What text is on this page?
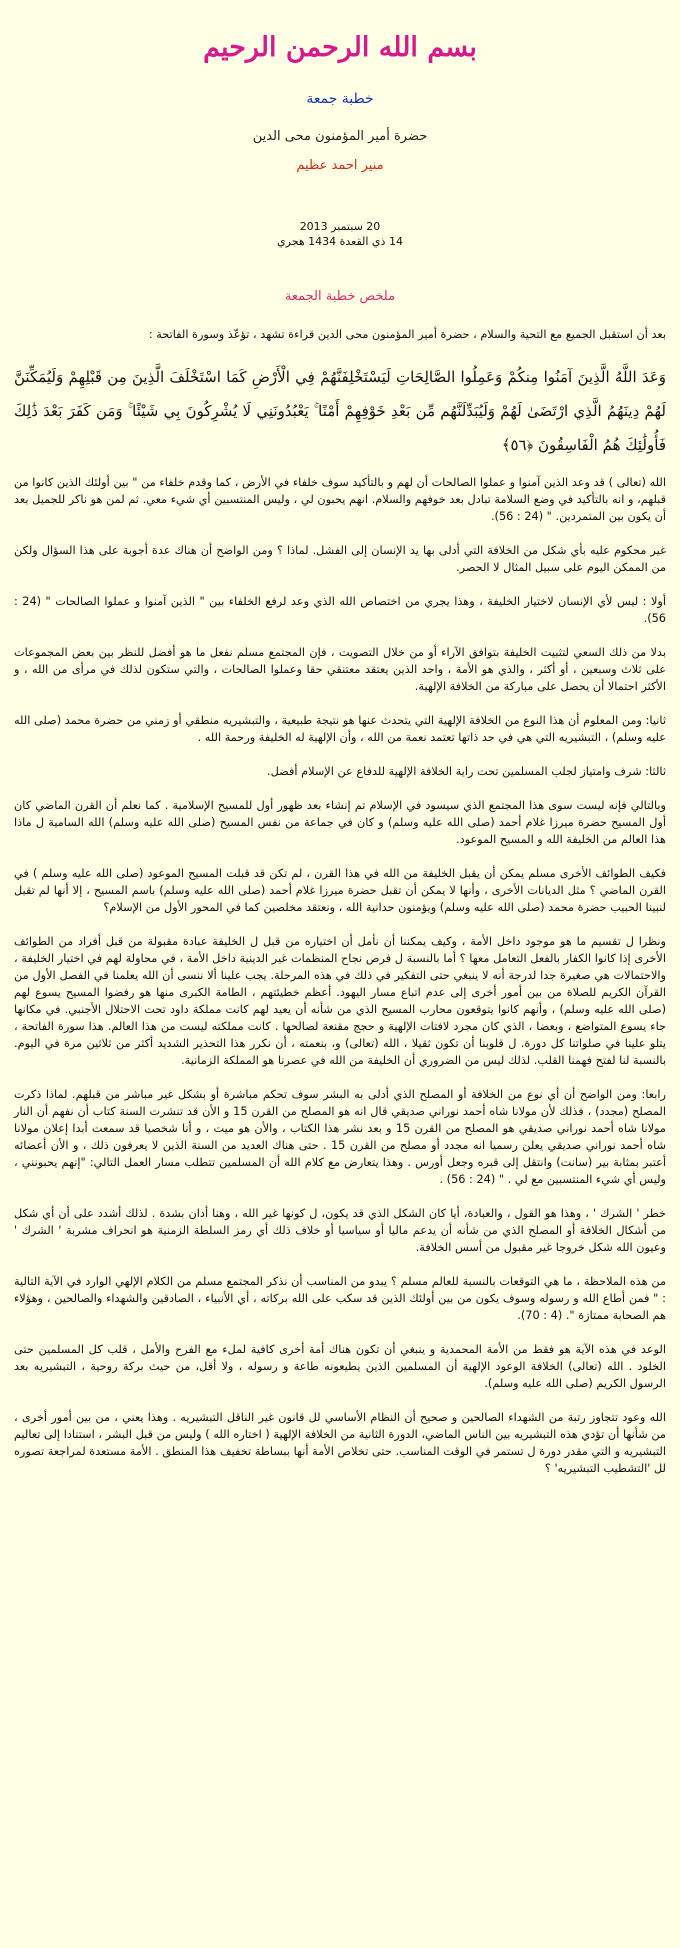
بسم الله الرحمن الرحيم
خطبة جمعة
حضرة أمير المؤمنون محى الدين
منير احمد عظيم
20 سبتمبر 2013
14 ذي القعدة 1434 هجري
ملخص خطبة الجمعة

بعد أن استقبل الجميع مع التحية والسلام ، حضرة أمير المؤمنون محى الدين قراءة تشهد ، تؤعّذ وسورة الفاتحة :

وَعَدَ اللَّهُ الَّذِينَ آمَنُوا مِنكُمْ وَعَمِلُوا الصَّالِحَاتِ لَيَسْتَخْلِفَنَّهُمْ فِي الْأَرْضِ كَمَا اسْتَخْلَفَ الَّذِينَ مِن قَبْلِهِمْ وَلَيُمَكِّنَنَّ لَهُمْ دِينَهُمُ الَّذِي ارْتَضَىٰ لَهُمْ وَلَيُبَدِّلَنَّهُم مِّن بَعْدِ خَوْفِهِمْ أَمْنًا ۚ يَعْبُدُونَنِي لَا يُشْرِكُونَ بِي شَيْئًا ۚ وَمَن كَفَرَ بَعْدَ ذَٰلِكَ فَأُولَٰئِكَ هُمُ الْفَاسِقُونَ ﴿٥٦﴾

الله (تعالى ) قد وعد الذين آمنوا و عملوا الصالحات أن لهم و بالتأكيد سوف خلفاء في الأرض ، كما وقدم خلفاء من " بين أولئك الذين كانوا من قبلهم، و انه بالتأكيد في وضع السلامة تبادل بعد خوفهم والسلام. انهم يحبون لي ، وليس المنتسبين أي شيء معي. ثم لمن هو ناكر للجميل بعد أن يكون بين المتمردين. " (24 : 56).

غير محكوم عليه بأي شكل من الخلافة التي أدلى بها يد الإنسان إلى الفشل. لماذا ؟ ومن الواضح أن هناك عدة أجوبة على هذا السؤال ولكن من الممكن اليوم على سبيل المثال لا الحصر.

أولا : ليس لأي الإنسان لاختيار الخليفة ، وهذا يجري من اختصاص الله الذي وعد لرفع الخلفاء بين " الذين آمنوا و عملوا الصالحات " (24 : 56).

بدلا من ذلك السعي لتثبيت الخليفة بتوافق الآراء أو من خلال التصويت ، فإن المجتمع مسلم نفعل ما هو أفضل للنظر بين بعض المجموعات على ثلاث وسبعين ، أو أكثر ، والذي هو الأمة ، واحد الذين يعتقد معتنقي حقا وعملوا الصالحات ، والتي ستكون لذلك في مرأى من الله ، و الأكثر احتمالا أن يحصل على مباركة من الخلافة الإلهية.

ثانيا: ومن المعلوم أن هذا النوع من الخلافة الإلهية التي يتحدث عنها هو نتيجة طبيعية ، والتبشيريه منطقي أو زمني من حضرة محمد (صلى الله عليه وسلم) ، التبشيريه التي هي في حد ذاتها تعتمد نعمة من الله ، وأن الإلهية له الخليفة ورحمة الله .

ثالثا: شرف وامتياز لجلب المسلمين تحت راية الخلافة الإلهية للدفاع عن الإسلام أفضل.

وبالتالي فإنه ليست سوى هذا المجتمع الذي سيسود في الإسلام تم إنشاء بعد ظهور أول للمسيح الإسلامية . كما نعلم أن القرن الماضي كان أول المسيح حضرة ميرزا غلام أحمد (صلى الله عليه وسلم) و كان في جماعة من نفس المسيح (صلى الله عليه وسلم) الله السامية ل ماذا هذا العالم من الخليفة الله و المسيح الموعود.

فكيف الطوائف الأخرى مسلم يمكن أن يقبل الخليفة من الله في هذا القرن ، لم تكن قد قبلت المسيح الموعود (صلى الله عليه وسلم ) في القرن الماضي ؟ مثل الديانات الأخرى ، وأنها لا يمكن أن تقبل حضرة ميرزا غلام أحمد (صلى الله عليه وسلم) باسم المسيح ، إلا أنها لم تقبل لنبينا الحبيب حضرة محمد (صلى الله عليه وسلم) ويؤمنون حدانية الله ، ونعتقد مخلصين كما في المحور الأول من الإسلام؟

ونظرا ل تقسيم ما هو موجود داخل الأمة ، وكيف يمكننا أن نأمل أن اختياره من قبل ل الخليفة عبادة مقبولة من قبل أفراد من الطوائف الأخرى إذا كانوا الكفار بالفعل التعامل معها ؟ أما بالنسبة ل فرص نجاح المنظمات غير الدينية داخل الأمة ، في محاولة لهم في اختيار الخليفة ، والاحتمالات هي صغيرة جدا لدرجة أنه لا ينبغي حتى التفكير في ذلك في هذه المرحلة. يجب علينا ألا ننسى أن الله يعلمنا في الفصل الأول من القرآن الكريم للصلاة من بين أمور أخرى إلى عدم اتباع مسار اليهود. أعظم خطيئتهم ، الطامة الكبرى منها هو رفضوا المسيح يسوع لهم (صلى الله عليه وسلم) ، وأنهم كانوا يتوقعون محارب المسيح الذي من شأنه أن يعيد لهم كانت مملكة داود تحت الاحتلال الأجنبي. في مكانها جاء يسوع المتواضع ، وبعضا ، الذي كان مجرد لافتات الإلهية و حجج مقنعة لصالحها . كانت مملكته ليست من هذا العالم. هذا سورة الفاتحة ، يتلو علينا في صلواتنا كل دورة. ل قلوبنا أن تكون ثقيلا ، الله (تعالى) و، بنعمته ، أن نكرر هذا التحذير الشديد أكثر من ثلاثين مرة في اليوم. بالنسبة لنا لفتح فهمنا القلب. لذلك ليس من الضروري أن الخليفة من الله في عصرنا هو المملكة الزمانية.

رابعا: ومن الواضح أن أي نوع من الخلافة أو المصلح الذي أدلى به البشر سوف تحكم مباشرة أو بشكل غير مباشر من قبلهم. لماذا ذكرت المصلح (مجدد) ، فذلك لأن مولانا شاه أحمد نوراني صديقي قال انه هو المصلح من القرن 15 و الأن قد تنشرت السنة كتاب أن نفهم أن النار مولانا شاه أحمد نوراني صديقي هو المصلح من القرن 15 و بعد نشر هذا الكتاب ، والأن هو ميت ، و أنا شخصيا قد سمعت أبدا إعلان مولانا شاه أحمد نوراني صديقي يعلن رسميا انه مجدد أو مصلح من القرن 15 . حتى هناك العديد من السنة الذين لا يعرفون ذلك ، و الأن أعضائه أعتبر بمثابة بير (سانت) وانتقل إلى قبره وجعل أورس . وهذا يتعارض مع كلام الله أن المسلمين تتطلب مسار العمل التالي: "إنهم يحبونني ، وليس أي شيء المنتسبين مع لي . " (24 : 56) .

خطر ' الشرك ' ، وهذا هو القول ، والعبادة، أيا كان الشكل الذي قد يكون، ل كونها غير الله ، وهنا أدان بشدة . لذلك أشدد على أن أي شكل من أشكال الخلافة أو المصلح الذي من شأنه أن يدعم ماليا أو سياسيا أو خلاف ذلك أي رمز السلطة الزمنية هو انحراف مشربة ' الشرك ' وعيون الله شكل خروجا غير مقبول من أسس الخلافة.

من هذه الملاحظة ، ما هي التوقعات بالنسبة للعالم مسلم ؟ يبدو من المناسب أن نذكر المجتمع مسلم من الكلام الإلهي الوارد في الآية التالية : " فمن أطاع الله و رسوله وسوف يكون من بين أولئك الذين قد سكب على الله بركاته ، أي الأنبياء ، الصادقين والشهداء والصالحين ، وهؤلاء هم الصحابة ممتازة ". (4 : 70).

الوعد في هذه الآية هو فقط من الأمة المحمدية و ينبغي أن تكون هناك أمة أخرى كافية لملء مع الفرح والأمل ، قلب كل المسلمين حتى الخلود . الله (تعالى) الخلافة الوعود الإلهية أن المسلمين الذين يطيعونه طاعة و رسوله ، ولا أقل، من حيث بركة روحية ، التبشيريه بعد الرسول الكريم (صلى الله عليه وسلم).

الله وعود تتجاوز رتبة من الشهداء الصالحين و صحيح أن النظام الأساسي لل قانون غير الناقل التبشيريه . وهذا يعني ، من بين أمور أخرى ، من شأنها أن تؤدي هذه التبشيريه بين الناس الماضي، الدورة الثانية من الخلافة الإلهية ( اختاره الله ) وليس من قبل البشر ، استنادا إلى تعاليم التبشيريه و التي مقدر دورة ل تستمر في الوقت المناسب. حتى تخلاص الأمة أنها ببساطة تخفيف هذا المنطق . الأمة مستعدة لمراجعة تصوره لل 'التشطيب التبشيريه' ؟
